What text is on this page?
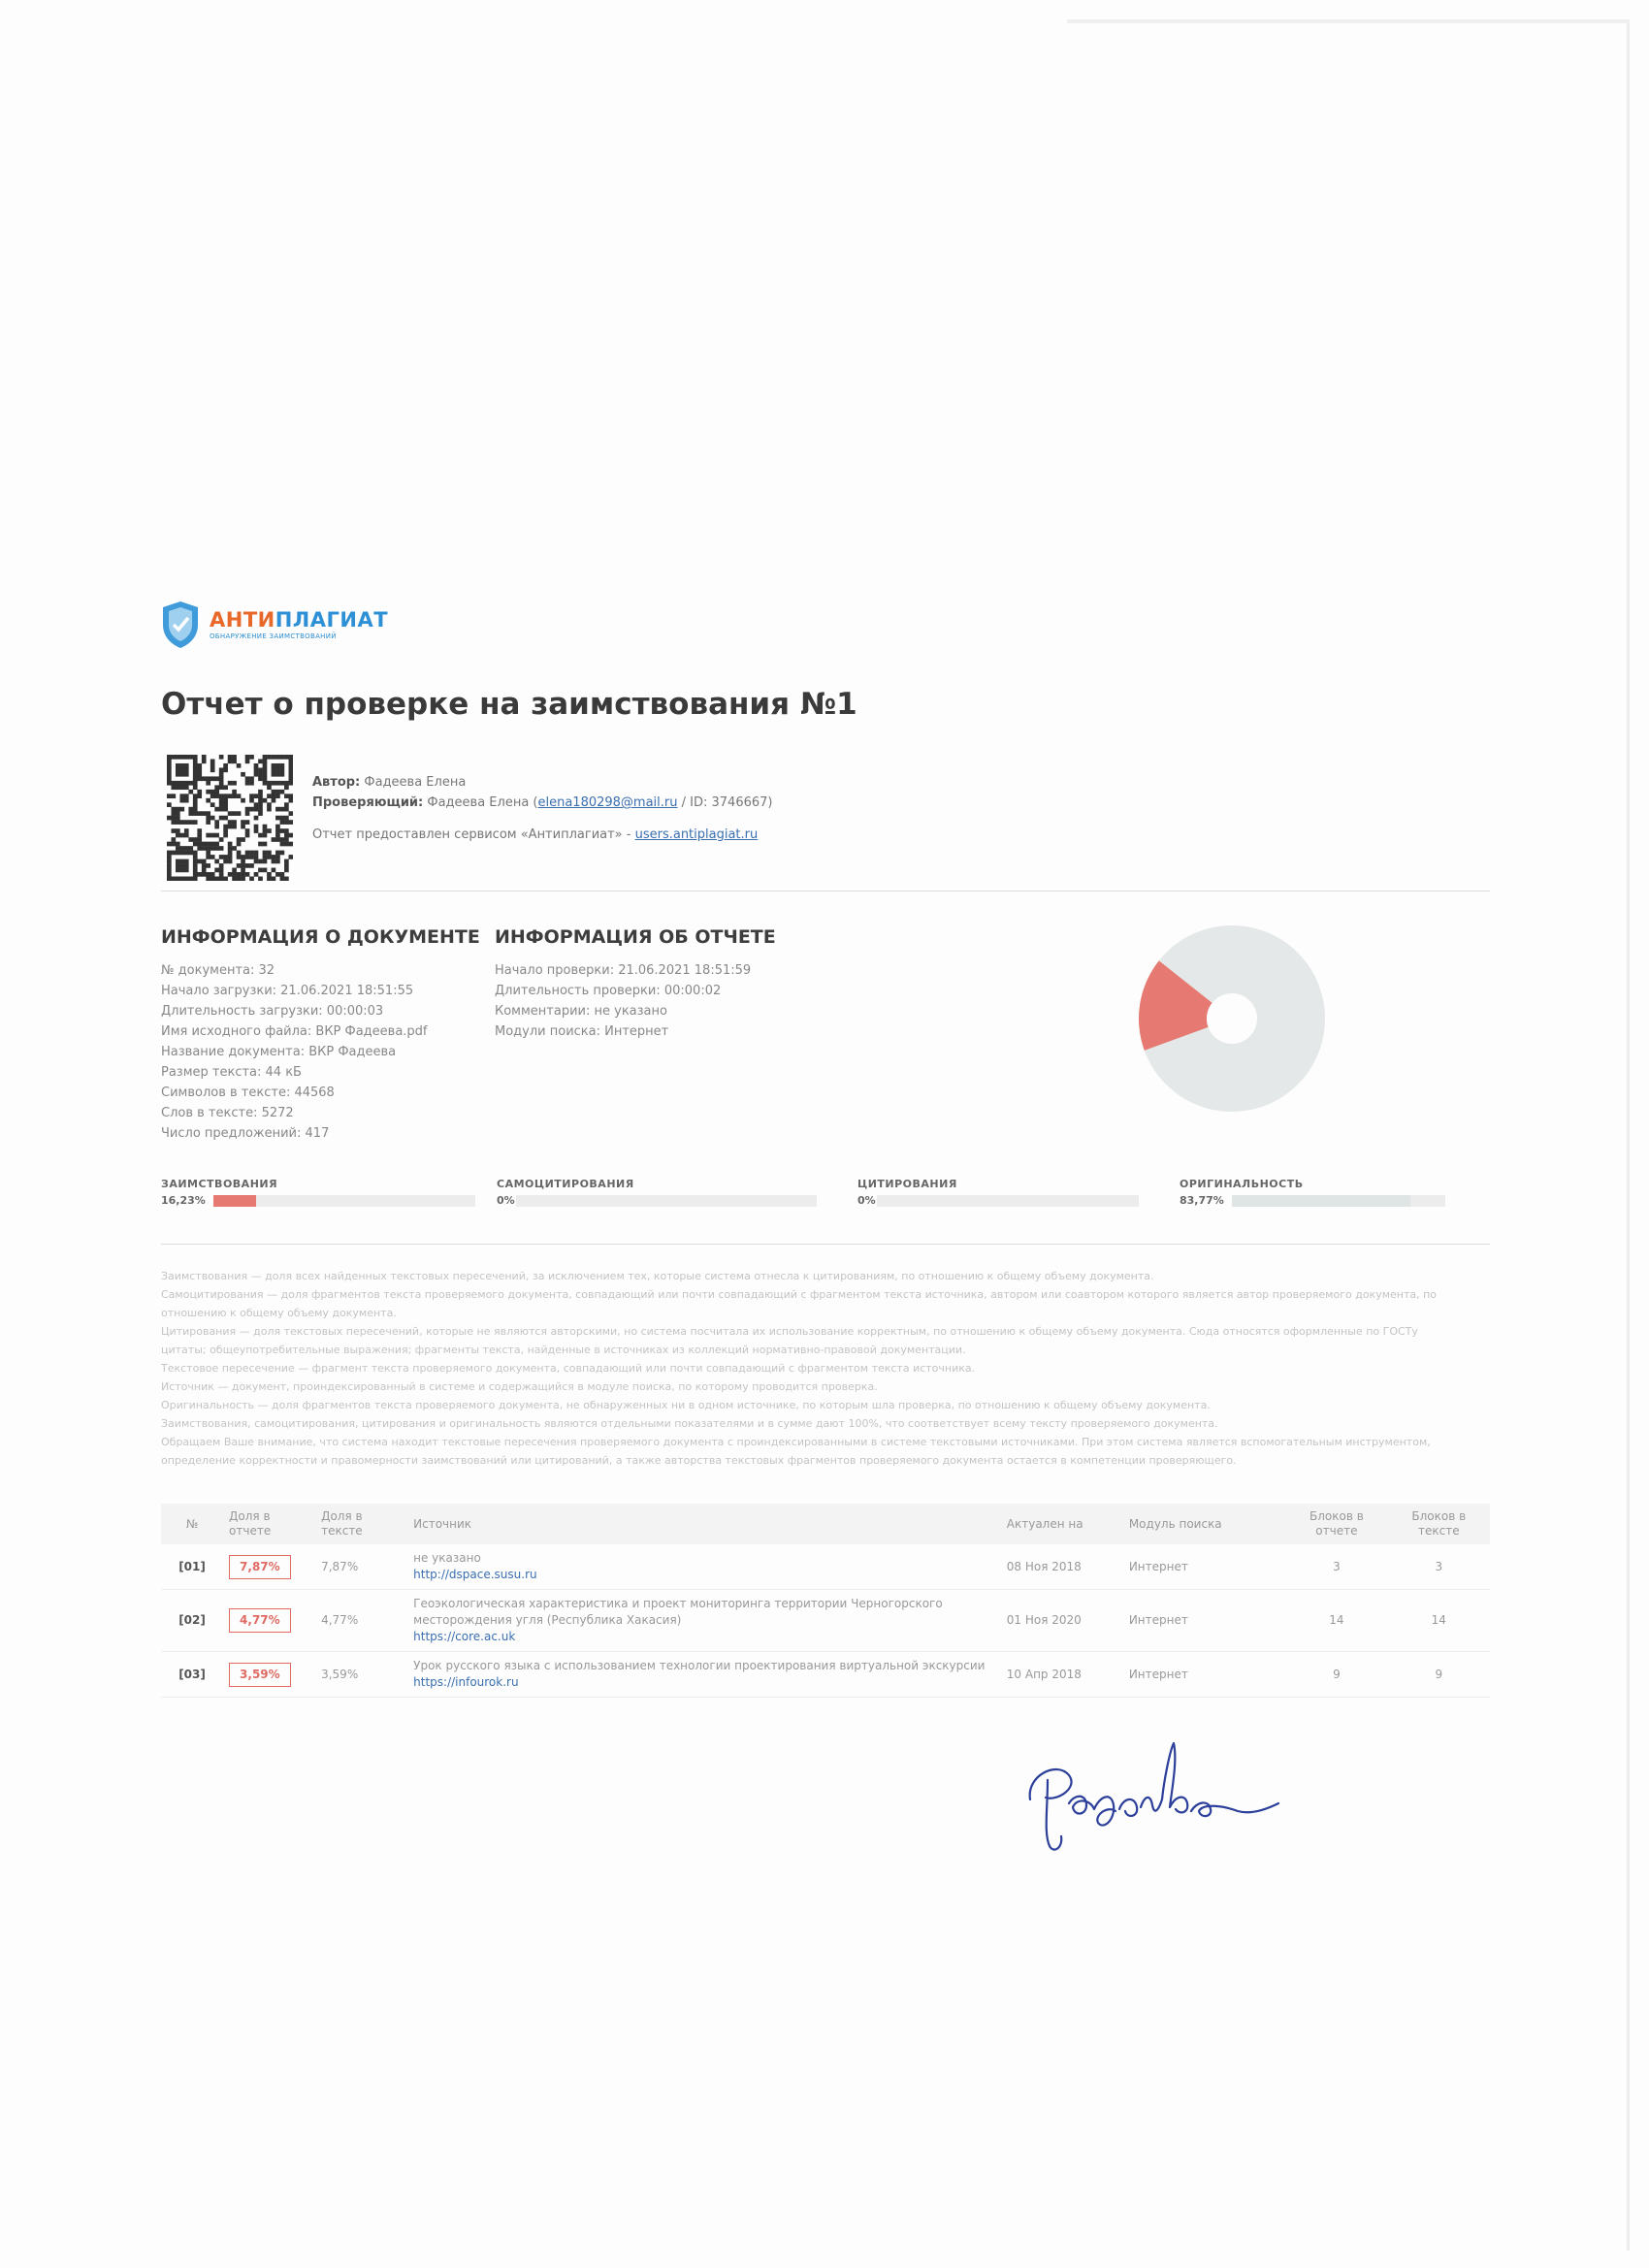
АНТИПЛАГИАТ
ОБНАРУЖЕНИЕ ЗАИМСТВОВАНИЙ
Отчет о проверке на заимствования №1
Автор: Фадеева Елена
Проверяющий: Фадеева Елена (elena180298@mail.ru / ID: 3746667)
Отчет предоставлен сервисом «Антиплагиат» - users.antiplagiat.ru
ИНФОРМАЦИЯ О ДОКУМЕНТЕ
№ документа: 32
Начало загрузки: 21.06.2021 18:51:55
Длительность загрузки: 00:00:03
Имя исходного файла: ВКР Фадеева.pdf
Название документа: ВКР Фадеева
Размер текста: 44 кБ
Символов в тексте: 44568
Слов в тексте: 5272
Число предложений: 417
ИНФОРМАЦИЯ ОБ ОТЧЕТЕ
Начало проверки: 21.06.2021 18:51:59
Длительность проверки: 00:00:02
Комментарии: не указано
Модули поиска: Интернет
ЗАИМСТВОВАНИЯ
16,23%
САМОЦИТИРОВАНИЯ
0%
ЦИТИРОВАНИЯ
0%
ОРИГИНАЛЬНОСТЬ
83,77%

Заимствования — доля всех найденных текстовых пересечений, за исключением тех, которые система отнесла к цитированиям, по отношению к общему объему документа.

Самоцитирования — доля фрагментов текста проверяемого документа, совпадающий или почти совпадающий с фрагментом текста источника, автором или соавтором которого является автор проверяемого документа, по отношению к общему объему документа.

Цитирования — доля текстовых пересечений, которые не являются авторскими, но система посчитала их использование корректным, по отношению к общему объему документа. Сюда относятся оформленные по ГОСТу цитаты; общеупотребительные выражения; фрагменты текста, найденные в источниках из коллекций нормативно-правовой документации.

Текстовое пересечение — фрагмент текста проверяемого документа, совпадающий или почти совпадающий с фрагментом текста источника.

Источник — документ, проиндексированный в системе и содержащийся в модуле поиска, по которому проводится проверка.

Оригинальность — доля фрагментов текста проверяемого документа, не обнаруженных ни в одном источнике, по которым шла проверка, по отношению к общему объему документа.

Заимствования, самоцитирования, цитирования и оригинальность являются отдельными показателями и в сумме дают 100%, что соответствует всему тексту проверяемого документа.

Обращаем Ваше внимание, что система находит текстовые пересечения проверяемого документа с проиндексированными в системе текстовыми источниками. При этом система является вспомогательным инструментом, определение корректности и правомерности заимствований или цитирований, а также авторства текстовых фрагментов проверяемого документа остается в компетенции проверяющего.

№	Доля в отчете	Доля в тексте	Источник	Актуален на	Модуль поиска	Блоков в отчете	Блоков в тексте
[01]	7,87%	7,87%	не указано
http://dspace.susu.ru	08 Ноя 2018	Интернет	3	3
[02]	4,77%	4,77%	Геоэкологическая характеристика и проект мониторинга территории Черногорского месторождения угля (Республика Хакасия)
https://core.ac.uk	01 Ноя 2020	Интернет	14	14
[03]	3,59%	3,59%	Урок русского языка с использованием технологии проектирования виртуальной экскурсии
https://infourok.ru	10 Апр 2018	Интернет	9	9
